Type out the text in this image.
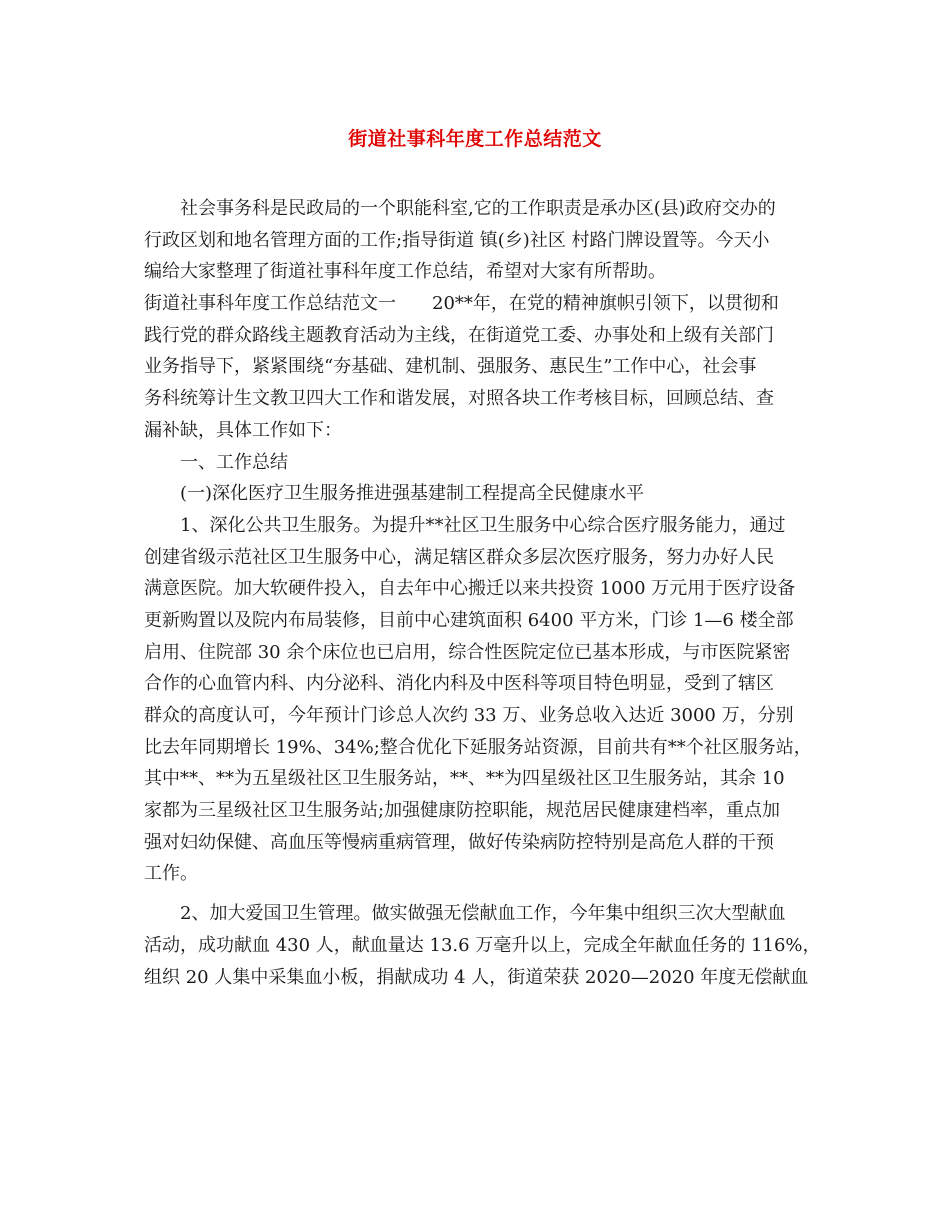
街道社事科年度工作总结范文
社会事务科是民政局的一个职能科室,它的工作职责是承办区(县)政府交办的
行政区划和地名管理方面的工作;指导街道 镇(乡)社区 村路门牌设置等。今天小
编给大家整理了街道社事科年度工作总结，希望对大家有所帮助。
街道社事科年度工作总结范文一　　20**年，在党的精神旗帜引领下，以贯彻和
践行党的群众路线主题教育活动为主线，在街道党工委、办事处和上级有关部门
业务指导下，紧紧围绕“夯基础、建机制、强服务、惠民生”工作中心，社会事
务科统筹计生文教卫四大工作和谐发展，对照各块工作考核目标，回顾总结、查
漏补缺，具体工作如下：
一、工作总结
(一)深化医疗卫生服务推进强基建制工程提高全民健康水平
1、深化公共卫生服务。为提升**社区卫生服务中心综合医疗服务能力，通过
创建省级示范社区卫生服务中心，满足辖区群众多层次医疗服务，努力办好人民
满意医院。加大软硬件投入，自去年中心搬迁以来共投资 1000 万元用于医疗设备
更新购置以及院内布局装修，目前中心建筑面积 6400 平方米，门诊 1—6 楼全部
启用、住院部 30 余个床位也已启用，综合性医院定位已基本形成，与市医院紧密
合作的心血管内科、内分泌科、消化内科及中医科等项目特色明显，受到了辖区
群众的高度认可，今年预计门诊总人次约 33 万、业务总收入达近 3000 万，分别
比去年同期增长 19%、34%;整合优化下延服务站资源，目前共有**个社区服务站，
其中**、**为五星级社区卫生服务站，**、**为四星级社区卫生服务站，其余 10
家都为三星级社区卫生服务站;加强健康防控职能，规范居民健康建档率，重点加
强对妇幼保健、高血压等慢病重病管理，做好传染病防控特别是高危人群的干预
工作。
2、加大爱国卫生管理。做实做强无偿献血工作，今年集中组织三次大型献血
活动，成功献血 430 人，献血量达 13.6 万毫升以上，完成全年献血任务的 116%，
组织 20 人集中采集血小板，捐献成功 4 人，街道荣获 2020—2020 年度无偿献血
